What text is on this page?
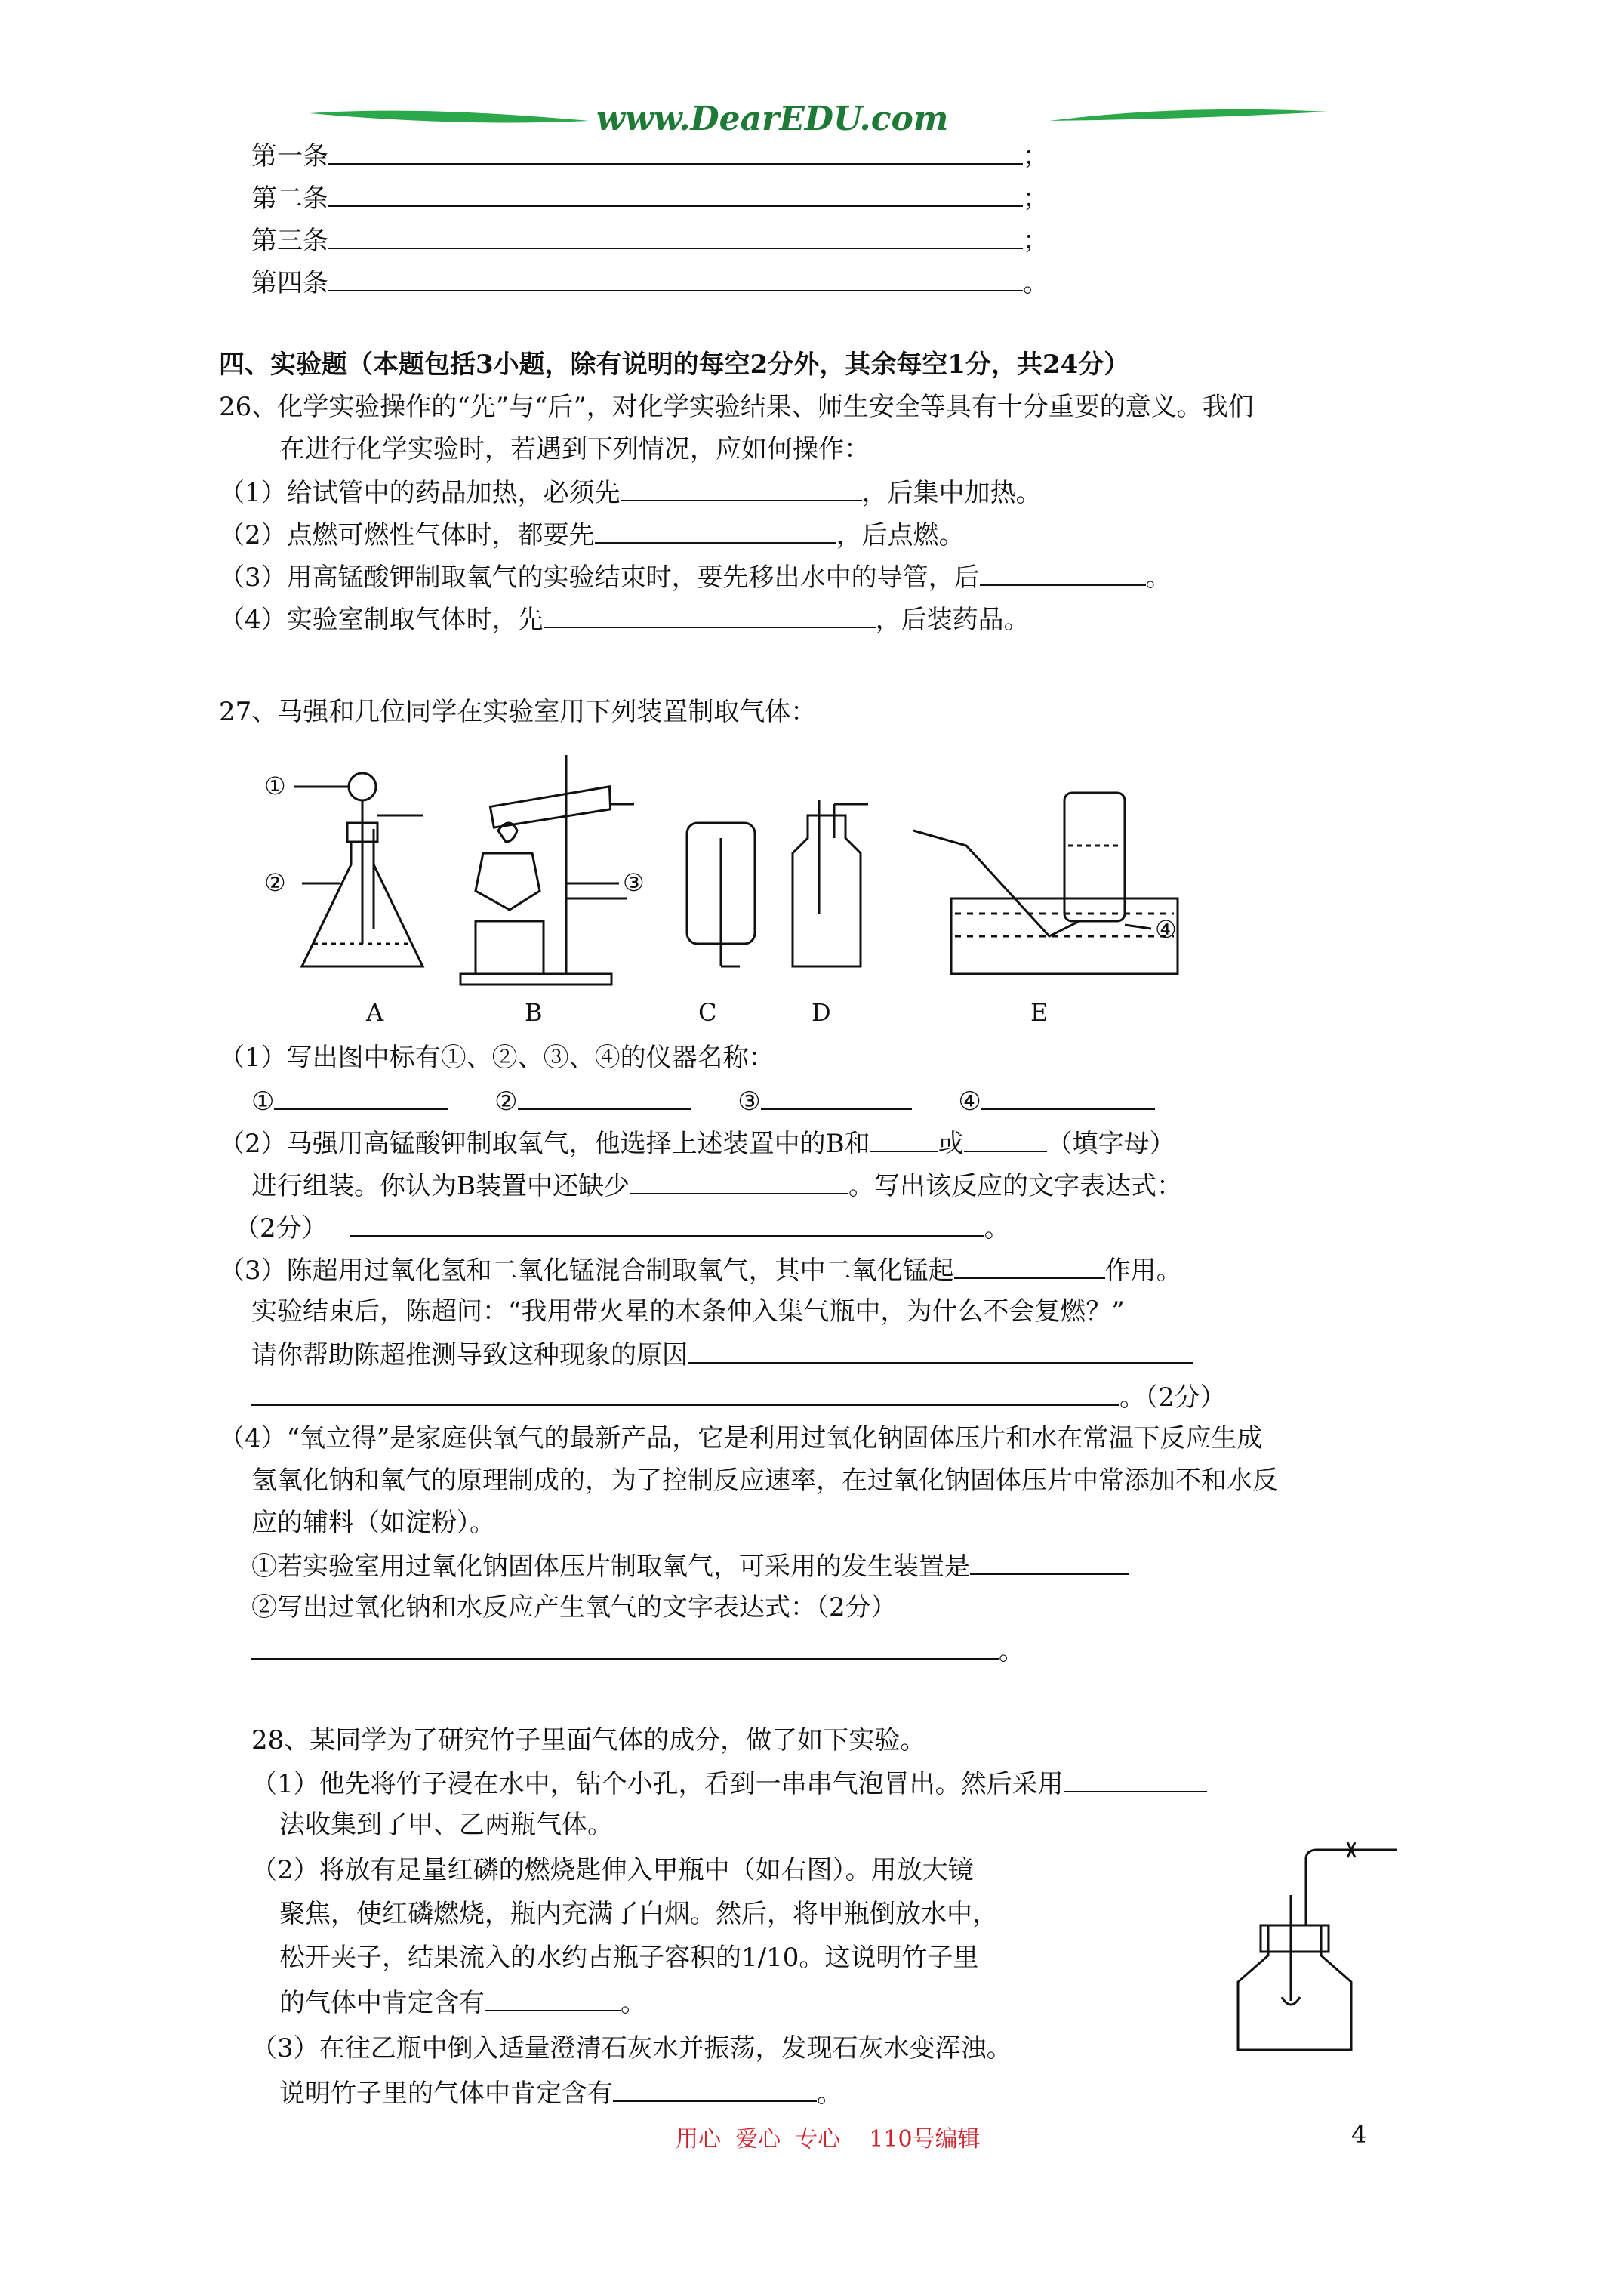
www.DearEDU.com
第一条	；
第二条	；
第三条	；
第四条	。
四、实验题（本题包括3小题，除有说明的每空2分外，其余每空1分，共24分）
26、化学实验操作的“先”与“后”，对化学实验结果、师生安全等具有十分重要的意义。我们
在进行化学实验时，若遇到下列情况，应如何操作：
（1）给试管中的药品加热，必须先	，后集中加热。
（2）点燃可燃性气体时，都要先	，后点燃。
（3）用高锰酸钾制取氧气的实验结束时，要先移出水中的导管，后	。
（4）实验室制取气体时，先	，后装药品。
27、马强和几位同学在实验室用下列装置制取气体：
①
②	③
④
A	B	C	D	E
（1）写出图中标有①、②、③、④的仪器名称：
①	②	③	④
（2）马强用高锰酸钾制取氧气，他选择上述装置中的B和	或	（填字母）
进行组装。你认为B装置中还缺少	。写出该反应的文字表达式：
（2分）	。
（3）陈超用过氧化氢和二氧化锰混合制取氧气，其中二氧化锰起	作用。
实验结束后，陈超问：“我用带火星的木条伸入集气瓶中，为什么不会复燃？”
请你帮助陈超推测导致这种现象的原因
。（2分）
（4）“氧立得”是家庭供氧气的最新产品，它是利用过氧化钠固体压片和水在常温下反应生成
氢氧化钠和氧气的原理制成的，为了控制反应速率，在过氧化钠固体压片中常添加不和水反
应的辅料（如淀粉）。
①若实验室用过氧化钠固体压片制取氧气，可采用的发生装置是
②写出过氧化钠和水反应产生氧气的文字表达式：（2分）
。
28、某同学为了研究竹子里面气体的成分，做了如下实验。
（1）他先将竹子浸在水中，钻个小孔，看到一串串气泡冒出。然后采用
法收集到了甲、乙两瓶气体。
（2）将放有足量红磷的燃烧匙伸入甲瓶中（如右图）。用放大镜
聚焦，使红磷燃烧，瓶内充满了白烟。然后，将甲瓶倒放水中，
松开夹子，结果流入的水约占瓶子容积的1/10。这说明竹子里
的气体中肯定含有	。
（3）在往乙瓶中倒入适量澄清石灰水并振荡，发现石灰水变浑浊。
说明竹子里的气体中肯定含有	。
用心  爱心  专心    110号编辑	4
